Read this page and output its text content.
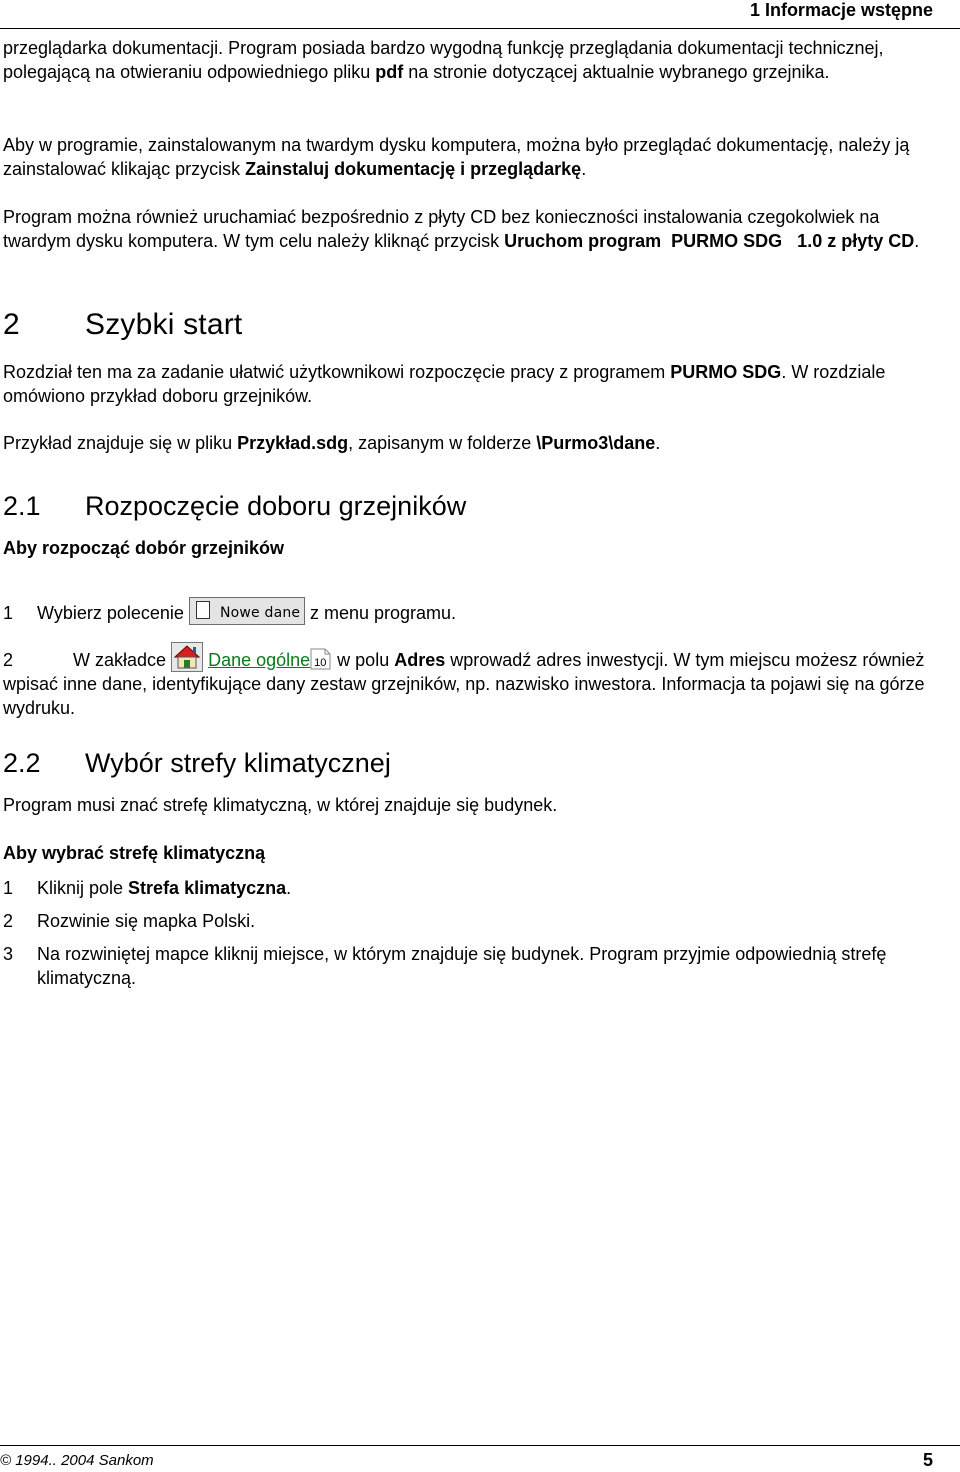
1 Informacje wstępne

przeglądarka dokumentacji. Program posiada bardzo wygodną funkcję przeglądania dokumentacji technicznej, polegającą na otwieraniu odpowiedniego pliku pdf na stronie dotyczącej aktualnie wybranego grzejnika.

Aby w programie, zainstalowanym na twardym dysku komputera, można było przeglądać dokumentację, należy ją zainstalować klikając przycisk Zainstaluj dokumentację i przeglądarkę.

Program można również uruchamiać bezpośrednio z płyty CD bez konieczności instalowania czegokolwiek na twardym dysku komputera. W tym celu należy kliknąć przycisk Uruchom program  PURMO SDG   1.0 z płyty CD.

2 Szybki start

Rozdział ten ma za zadanie ułatwić użytkownikowi rozpoczęcie pracy z programem PURMO SDG. W rozdziale omówiono przykład doboru grzejników.

Przykład znajduje się w pliku Przykład.sdg, zapisanym w folderze \Purmo3\dane.

2.1 Rozpoczęcie doboru grzejników
Aby rozpocząć dobór grzejników

1 Wybierz polecenie	Nowe dane z menu programu.

2	W zakładce Dane ogólne 10 w polu Adres wprowadź adres inwestycji. W tym miejscu możesz również wpisać inne dane, identyfikujące dany zestaw grzejników, np. nazwisko inwestora. Informacja ta pojawi się na górze wydruku.

2.2 Wybór strefy klimatycznej

Program musi znać strefę klimatyczną, w której znajduje się budynek.

Aby wybrać strefę klimatyczną

1 Kliknij pole Strefa klimatyczna.

2 Rozwinie się mapka Polski.

3 Na rozwiniętej mapce kliknij miejsce, w którym znajduje się budynek. Program przyjmie odpowiednią strefę klimatyczną.
© 1994.. 2004 Sankom	5
